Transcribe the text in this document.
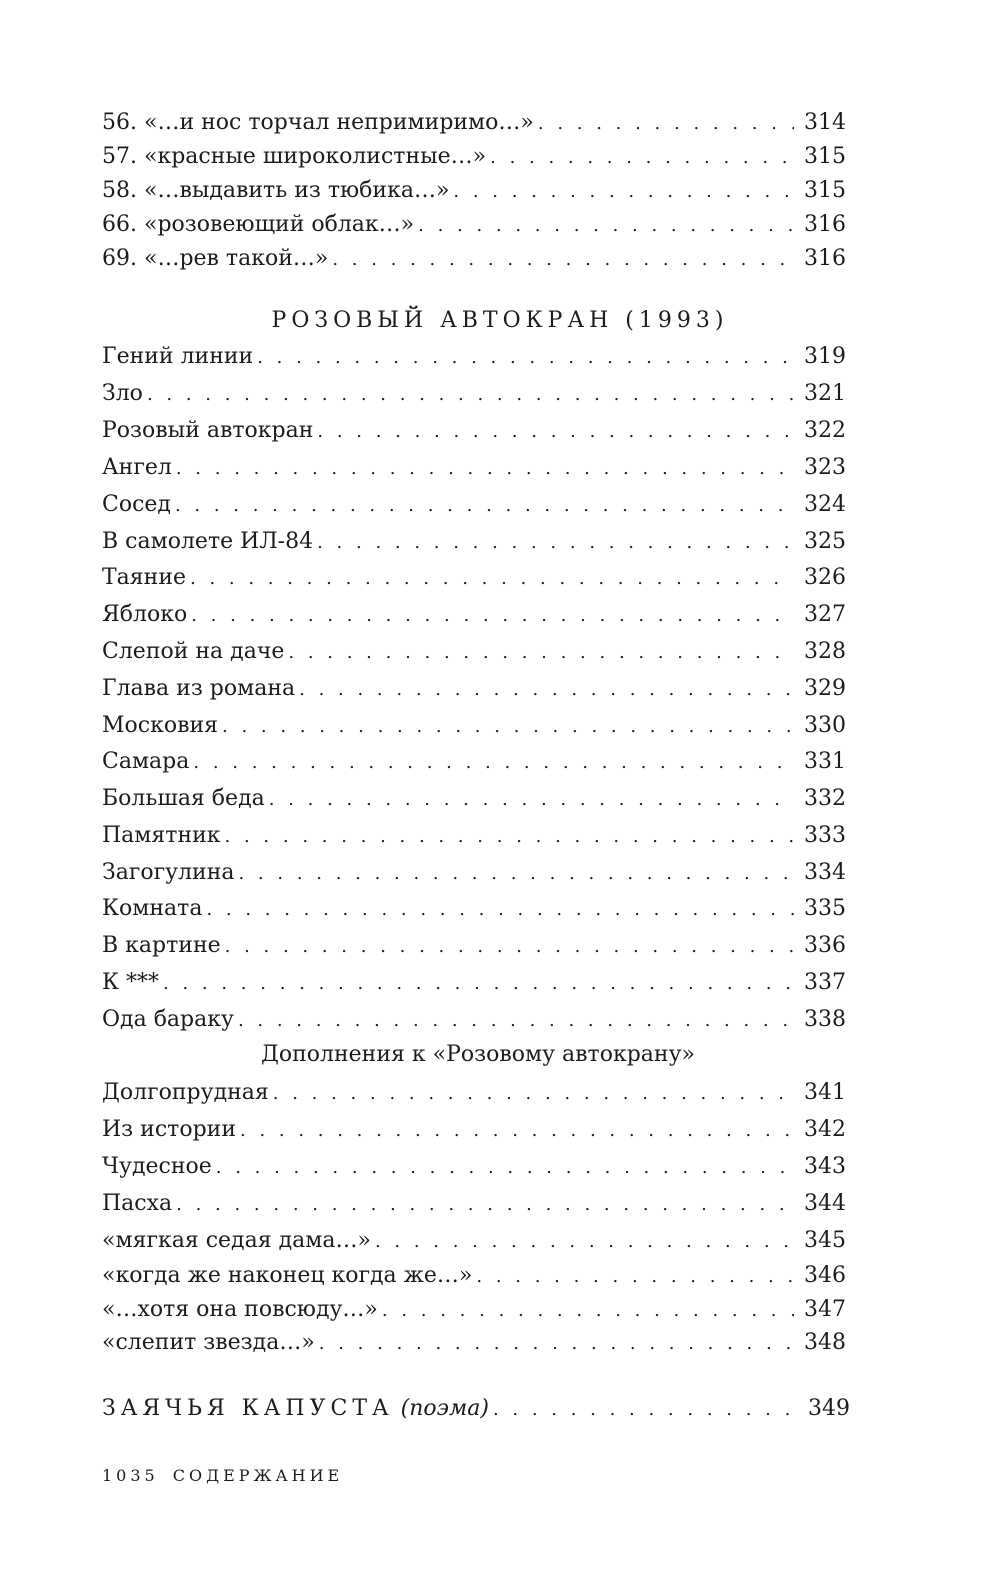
56. «…и нос торчал непримиримо…» . . .	314
57. «красные широколистные…» . . .	315
58. «…выдавить из тюбика…» . . .	315
66. «розовеющий облак…» . . .	316
69. «…рев такой…» . . .	316
РОЗОВЫЙ АВТОКРАН (1993)
Гений линии . . .	319
Зло . . .	321
Розовый автокран . . .	322
Ангел . . .	323
Сосед . . .	324
В самолете ИЛ-84 . . .	325
Таяние . . .	326
Яблоко . . .	327
Слепой на даче . . .	328
Глава из романа . . .	329
Московия . . .	330
Самара . . .	331
Большая беда . . .	332
Памятник . . .	333
Загогулина . . .	334
Комната . . .	335
В картине . . .	336
К *** . . .	337
Ода бараку . . .	338
Дополнения к «Розовому автокрану»
Долгопрудная . . .	341
Из истории . . .	342
Чудесное . . .	343
Пасха . . .	344
«мягкая седая дама…» . . .	345
«когда же наконец когда же…» . . .	346
«…хотя она повсюду…» . . .	347
«слепит звезда…» . . .	348
ЗАЯЧЬЯ КАПУСТА (поэма) . . .	349
1035 СОДЕРЖАНИЕ
